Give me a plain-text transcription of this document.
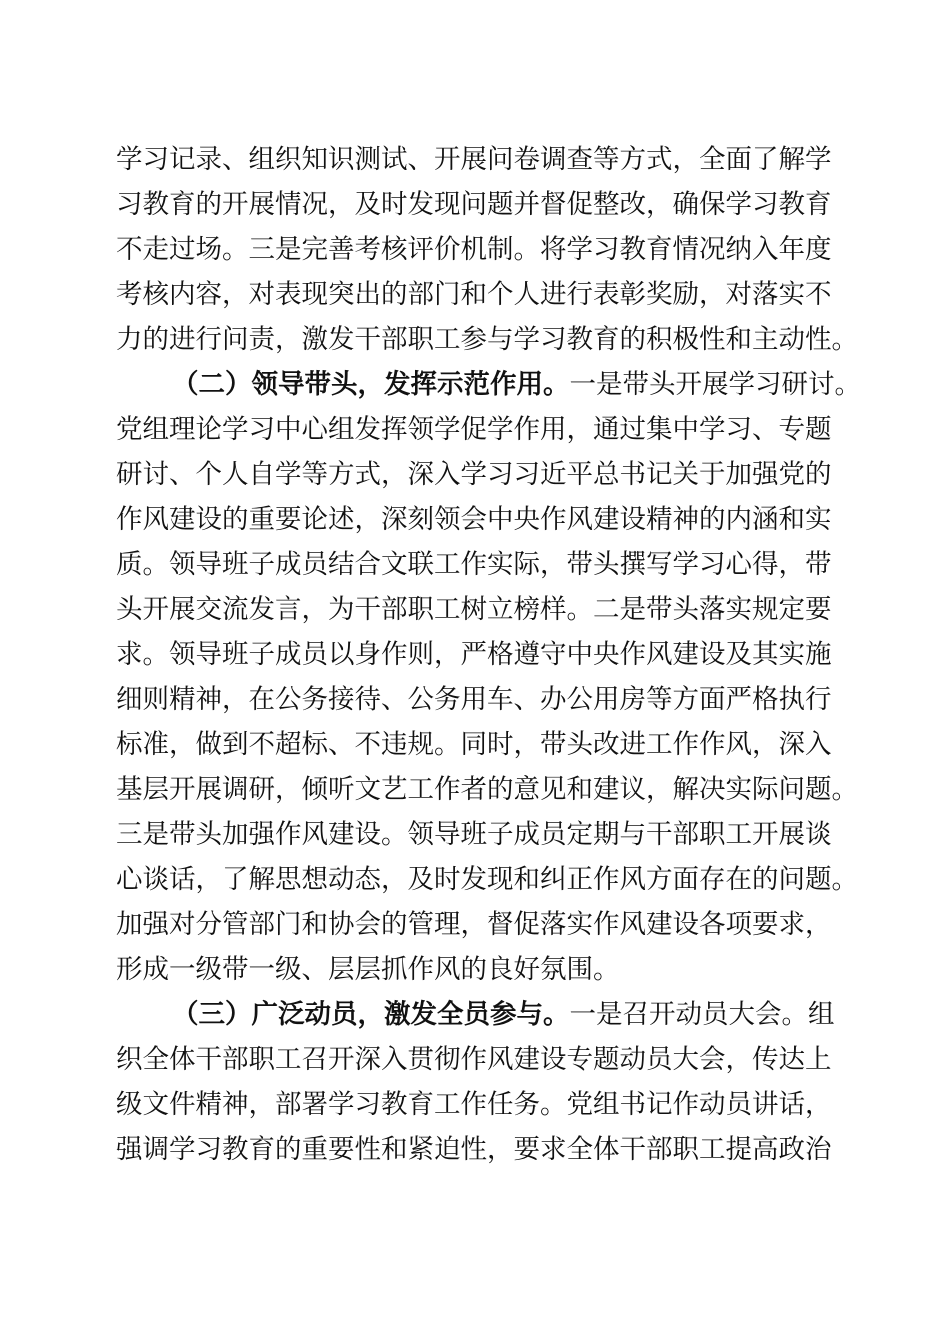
学习记录、组织知识测试、开展问卷调查等方式，全面了解学
习教育的开展情况，及时发现问题并督促整改，确保学习教育
不走过场。三是完善考核评价机制。将学习教育情况纳入年度
考核内容，对表现突出的部门和个人进行表彰奖励，对落实不
力的进行问责，激发干部职工参与学习教育的积极性和主动性。
（二）领导带头，发挥示范作用。一是带头开展学习研讨。
党组理论学习中心组发挥领学促学作用，通过集中学习、专题
研讨、个人自学等方式，深入学习习近平总书记关于加强党的
作风建设的重要论述，深刻领会中央作风建设精神的内涵和实
质。领导班子成员结合文联工作实际，带头撰写学习心得，带
头开展交流发言，为干部职工树立榜样。二是带头落实规定要
求。领导班子成员以身作则，严格遵守中央作风建设及其实施
细则精神，在公务接待、公务用车、办公用房等方面严格执行
标准，做到不超标、不违规。同时，带头改进工作作风，深入
基层开展调研，倾听文艺工作者的意见和建议，解决实际问题。
三是带头加强作风建设。领导班子成员定期与干部职工开展谈
心谈话，了解思想动态，及时发现和纠正作风方面存在的问题。
加强对分管部门和协会的管理，督促落实作风建设各项要求，
形成一级带一级、层层抓作风的良好氛围。
（三）广泛动员，激发全员参与。一是召开动员大会。组
织全体干部职工召开深入贯彻作风建设专题动员大会，传达上
级文件精神，部署学习教育工作任务。党组书记作动员讲话，
强调学习教育的重要性和紧迫性，要求全体干部职工提高政治
